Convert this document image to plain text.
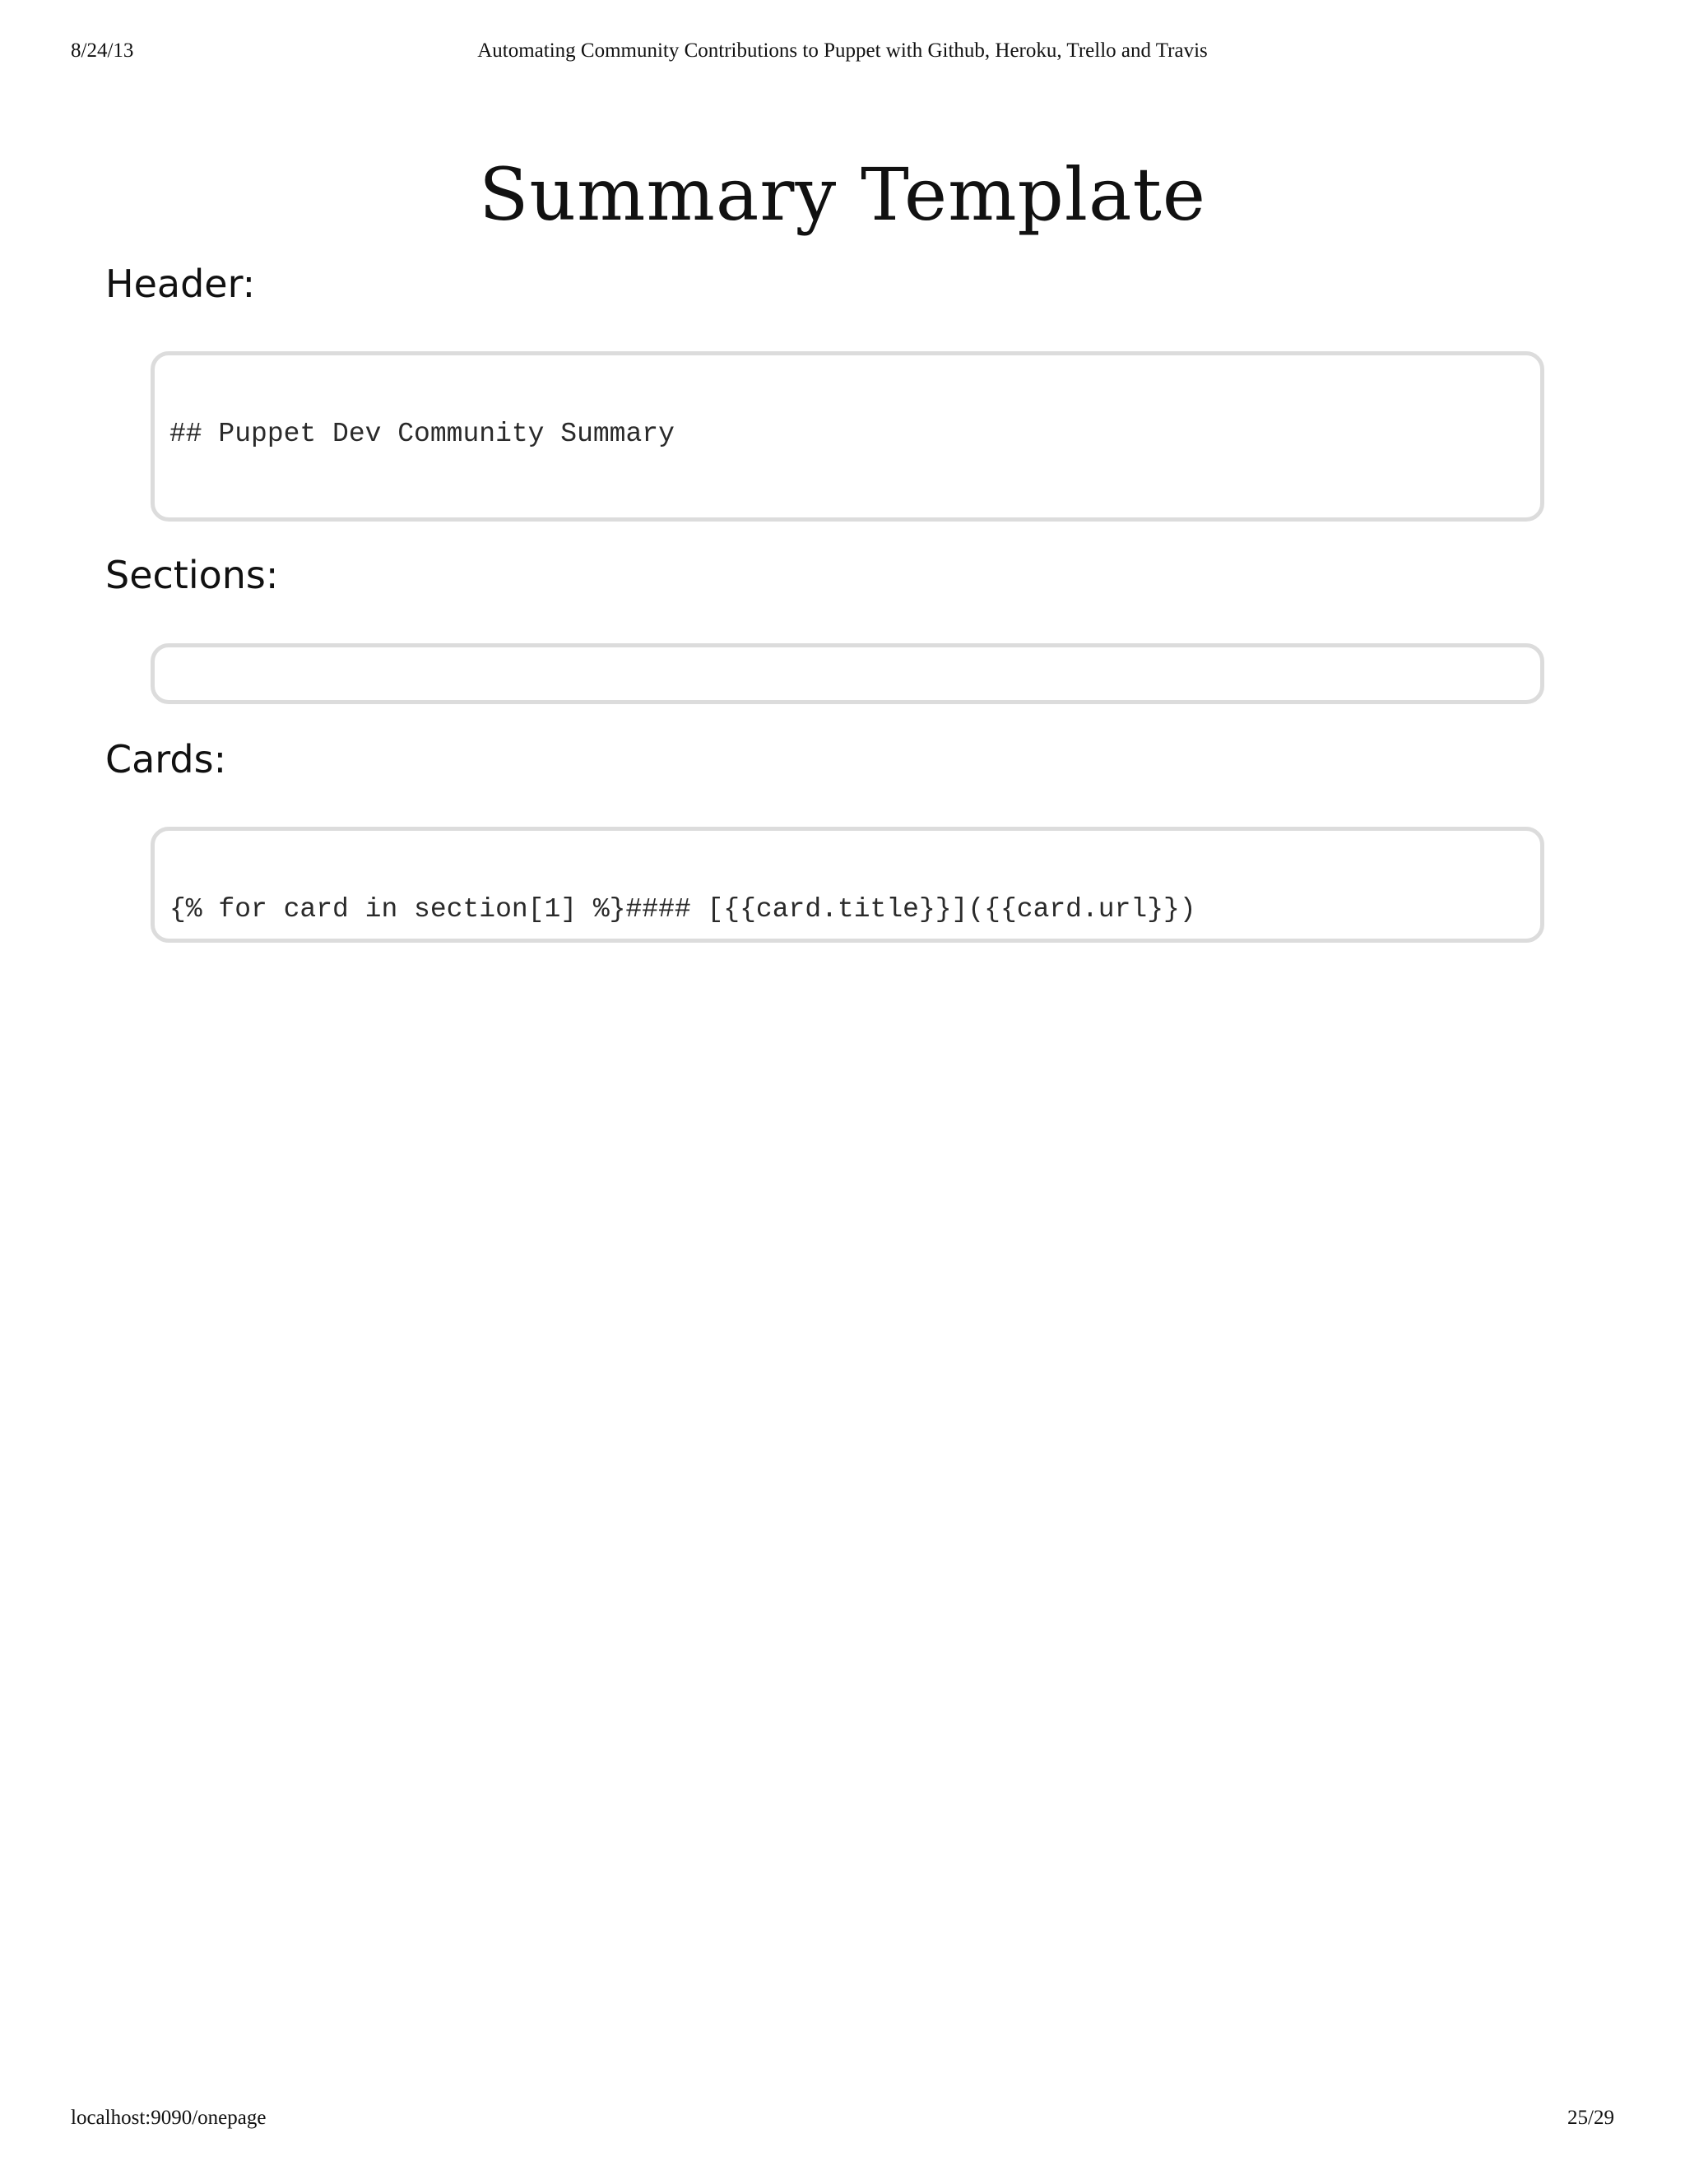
8/24/13	Automating Community Contributions to Puppet with Github, Heroku, Trello and Travis
Summary Template
Header:

## Puppet Dev Community Summary

Sections:

Cards:

{% for card in section[1] %}#### [{{card.title}}]({{card.url}})

localhost:9090/onepage	25/29
